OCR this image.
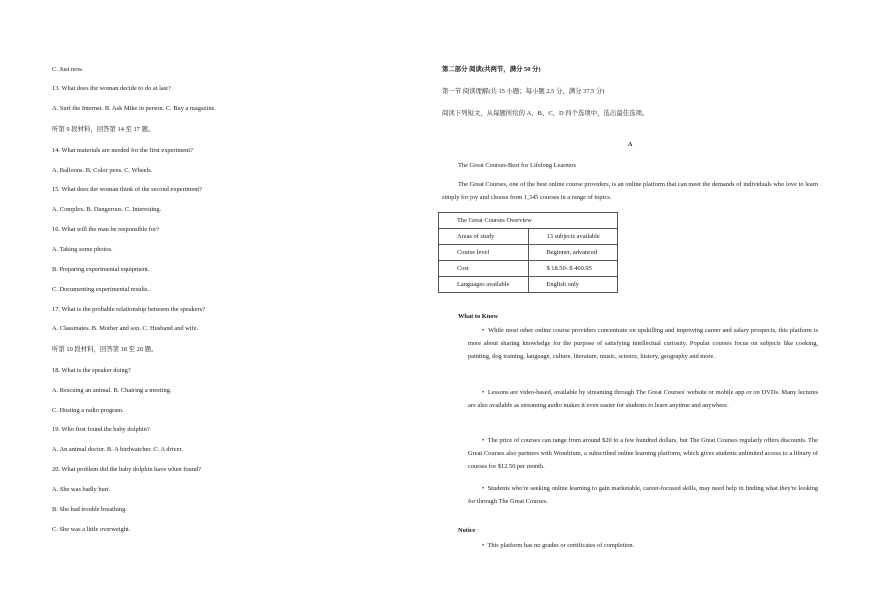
C. Just now.
13. What does the woman decide to do at last?
A. Surf the Internet. B. Ask Mike in person. C. Buy a magazine.
听第 9 段材料，回答第 14 至 17 题。
14. What materials are needed for the first experiment?
A. Balloons. B. Color pens. C. Wheels.
15. What does the woman think of the second experiment?
A. Complex. B. Dangerous. C. Interesting.
16. What will the man be responsible for?
A. Taking some photos.
B. Preparing experimental equipment.
C. Documenting experimental results.
17. What is the probable relationship between the speakers?
A. Classmates. B. Mother and son. C. Husband and wife.
听第 10 段材料，回答第 18 至 20 题。
18. What is the speaker doing?
A. Rescuing an animal. B. Chairing a meeting.
C. Hosting a radio program.
19. Who first found the baby dolphin?
A. An animal doctor. B. A birdwatcher. C. A driver.
20. What problem did the baby dolphin have when found?
A. She was badly hurt.
B. She had trouble breathing.
C. She was a little overweight.
第二部分 阅读(共两节，满分 50 分)
第一节 阅读理解(共 15 小题；每小题 2.5 分，满分 37.5 分)
阅读下列短文，从每题所给的 A、B、C、D 四个选项中，选出最佳选项。
A
The Great Courses-Best for Lifelong Learners
The Great Courses, one of the best online course providers, is an online platform that can meet the demands of individuals who love to learn simply for joy and choose from 1,345 courses in a range of topics.
The Great Courses Overview	
Areas of study	13 subjects available
Course level	Beginner, advanced
Cost	$ 18.50- $ 469.95
Languages available	English only
What to Know
•  While most other online course providers concentrate on upskilling and improving career and salary prospects, this platform is more about sharing knowledge for the purpose of satisfying intellectual curiosity. Popular courses focus on subjects like cooking, painting, dog training, language, culture, literature, music, science, history, geography and more.
•  Lessons are video-based, available by streaming through The Great Courses' website or mobile app or on DVDs. Many lectures are also available as streaming audio makes it even easier for students to learn anytime and anywhere.
•  The price of courses can range from around $20 to a few hundred dollars, but The Great Courses regularly offers discounts. The Great Courses also partners with Wondrium, a subscribed online learning platform, which gives students unlimited access to a library of courses for $12.50 per month.
•  Students who're seeking online learning to gain marketable, career-focused skills, may need help in finding what they're looking for through The Great Courses.
Notice
•  This platform has no grades or certificates of completion.
